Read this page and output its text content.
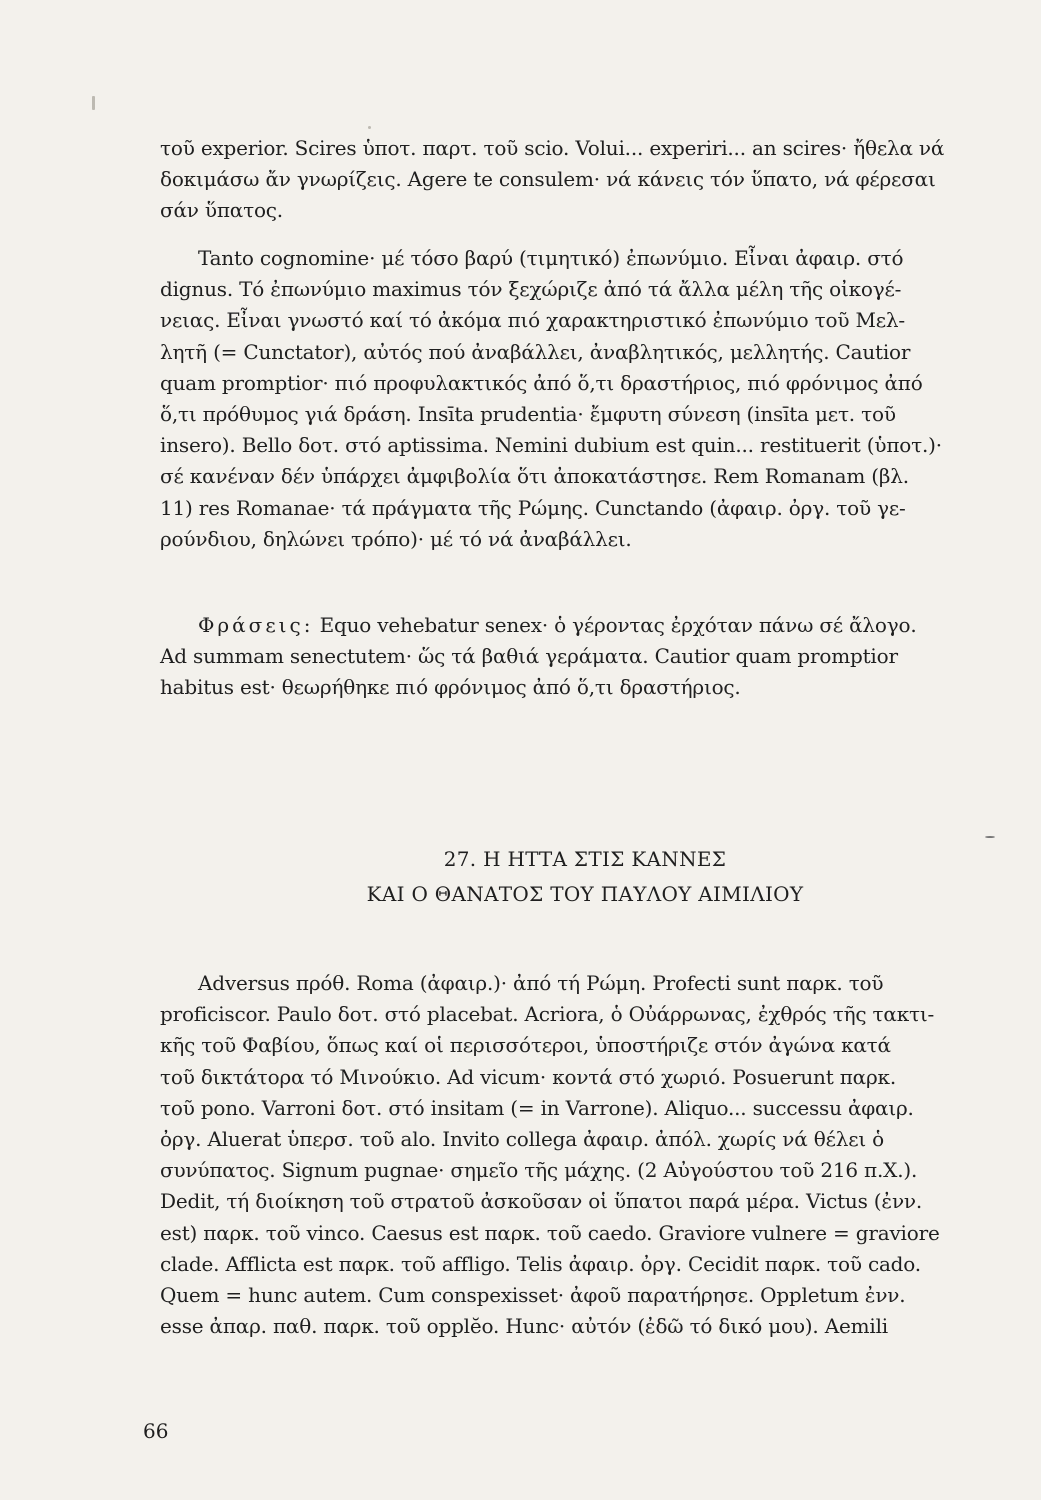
τοῦ experior. Scires ὑποτ. παρτ. τοῦ scio. Volui... experiri... an scires· ἤθελα νά
δοκιμάσω ἄν γνωρίζεις. Agere te consulem· νά κάνεις τόν ὕπατο, νά φέρεσαι
σάν ὕπατος.
Tanto cognomine· μέ τόσο βαρύ (τιμητικό) ἐπωνύμιο. Εἶναι ἀφαιρ. στό
dignus. Τό ἐπωνύμιο maximus τόν ξεχώριζε ἀπό τά ἄλλα μέλη τῆς οἰκογέ-
νειας. Εἶναι γνωστό καί τό ἀκόμα πιό χαρακτηριστικό ἐπωνύμιο τοῦ Μελ-
λητῆ (= Cunctator), αὐτός πού ἀναβάλλει, ἀναβλητικός, μελλητής. Cautior
quam promptior· πιό προφυλακτικός ἀπό ὅ,τι δραστήριος, πιό φρόνιμος ἀπό
ὅ,τι πρόθυμος γιά δράση. Insīta prudentia· ἔμφυτη σύνεση (insīta μετ. τοῦ
insero). Bello δοτ. στό aptissima. Nemini dubium est quin... restituerit (ὑποτ.)·
σέ κανέναν δέν ὑπάρχει ἀμφιβολία ὅτι ἀποκατάστησε. Rem Romanam (βλ.
11) res Romanae· τά πράγματα τῆς Ρώμης. Cunctando (ἀφαιρ. ὀργ. τοῦ γε-
ρούνδιου, δηλώνει τρόπο)· μέ τό νά ἀναβάλλει.
Φράσεις: Equo vehebatur senex· ὁ γέροντας ἐρχόταν πάνω σέ ἄλογο.
Ad summam senectutem· ὥς τά βαθιά γεράματα. Cautior quam promptior
habitus est· θεωρήθηκε πιό φρόνιμος ἀπό ὅ,τι δραστήριος.
27. Η ΗΤΤΑ ΣΤΙΣ ΚΑΝΝΕΣ
ΚΑΙ Ο ΘΑΝΑΤΟΣ ΤΟΥ ΠΑΥΛΟΥ ΑΙΜΙΛΙΟΥ
Adversus πρόθ. Roma (ἀφαιρ.)· ἀπό τή Ρώμη. Profecti sunt παρκ. τοῦ
proficiscor. Paulo δοτ. στό placebat. Acriora, ὁ Οὐάρρωνας, ἐχθρός τῆς τακτι-
κῆς τοῦ Φαβίου, ὅπως καί οἱ περισσότεροι, ὑποστήριζε στόν ἀγώνα κατά
τοῦ δικτάτορα τό Μινούκιο. Ad vicum· κοντά στό χωριό. Posuerunt παρκ.
τοῦ pono. Varroni δοτ. στό insitam (= in Varrone). Aliquo... successu ἀφαιρ.
ὀργ. Aluerat ὑπερσ. τοῦ alo. Invito collega ἀφαιρ. ἀπόλ. χωρίς νά θέλει ὁ
συνύπατος. Signum pugnae· σημεῖο τῆς μάχης. (2 Αὐγούστου τοῦ 216 π.Χ.).
Dedit, τή διοίκηση τοῦ στρατοῦ ἀσκοῦσαν οἱ ὕπατοι παρά μέρα. Victus (ἐνν.
est) παρκ. τοῦ vinco. Caesus est παρκ. τοῦ caedo. Graviore vulnere = graviore
clade. Afflicta est παρκ. τοῦ affligo. Telis ἀφαιρ. ὀργ. Cecidit παρκ. τοῦ cado.
Quem = hunc autem. Cum conspexisset· ἀφοῦ παρατήρησε. Oppletum ἐνν.
esse ἀπαρ. παθ. παρκ. τοῦ opplĕo. Hunc· αὐτόν (ἐδῶ τό δικό μου). Aemili
66
